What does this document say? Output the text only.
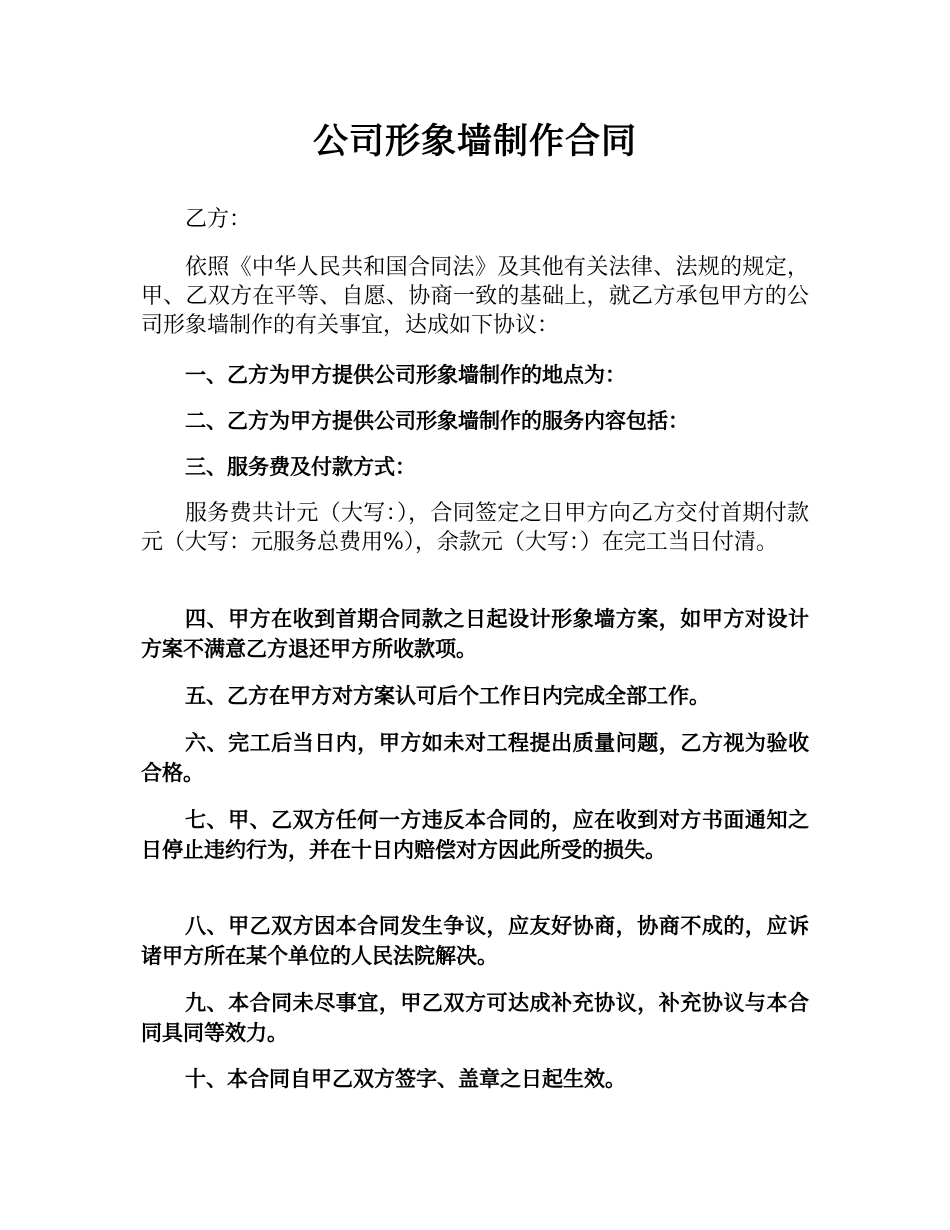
公司形象墙制作合同

乙方：

依照《中华人民共和国合同法》及其他有关法律、法规的规定，甲、乙双方在平等、自愿、协商一致的基础上，就乙方承包甲方的公司形象墙制作的有关事宜，达成如下协议：

一、乙方为甲方提供公司形象墙制作的地点为：

二、乙方为甲方提供公司形象墙制作的服务内容包括：

三、服务费及付款方式：

服务费共计元（大写：），合同签定之日甲方向乙方交付首期付款元（大写：元服务总费用%），余款元（大写：）在完工当日付清。

四、甲方在收到首期合同款之日起设计形象墙方案，如甲方对设计方案不满意乙方退还甲方所收款项。

五、乙方在甲方对方案认可后个工作日内完成全部工作。

六、完工后当日内，甲方如未对工程提出质量问题，乙方视为验收合格。

七、甲、乙双方任何一方违反本合同的，应在收到对方书面通知之日停止违约行为，并在十日内赔偿对方因此所受的损失。

八、甲乙双方因本合同发生争议，应友好协商，协商不成的，应诉诸甲方所在某个单位的人民法院解决。

九、本合同未尽事宜，甲乙双方可达成补充协议，补充协议与本合同具同等效力。

十、本合同自甲乙双方签字、盖章之日起生效。
